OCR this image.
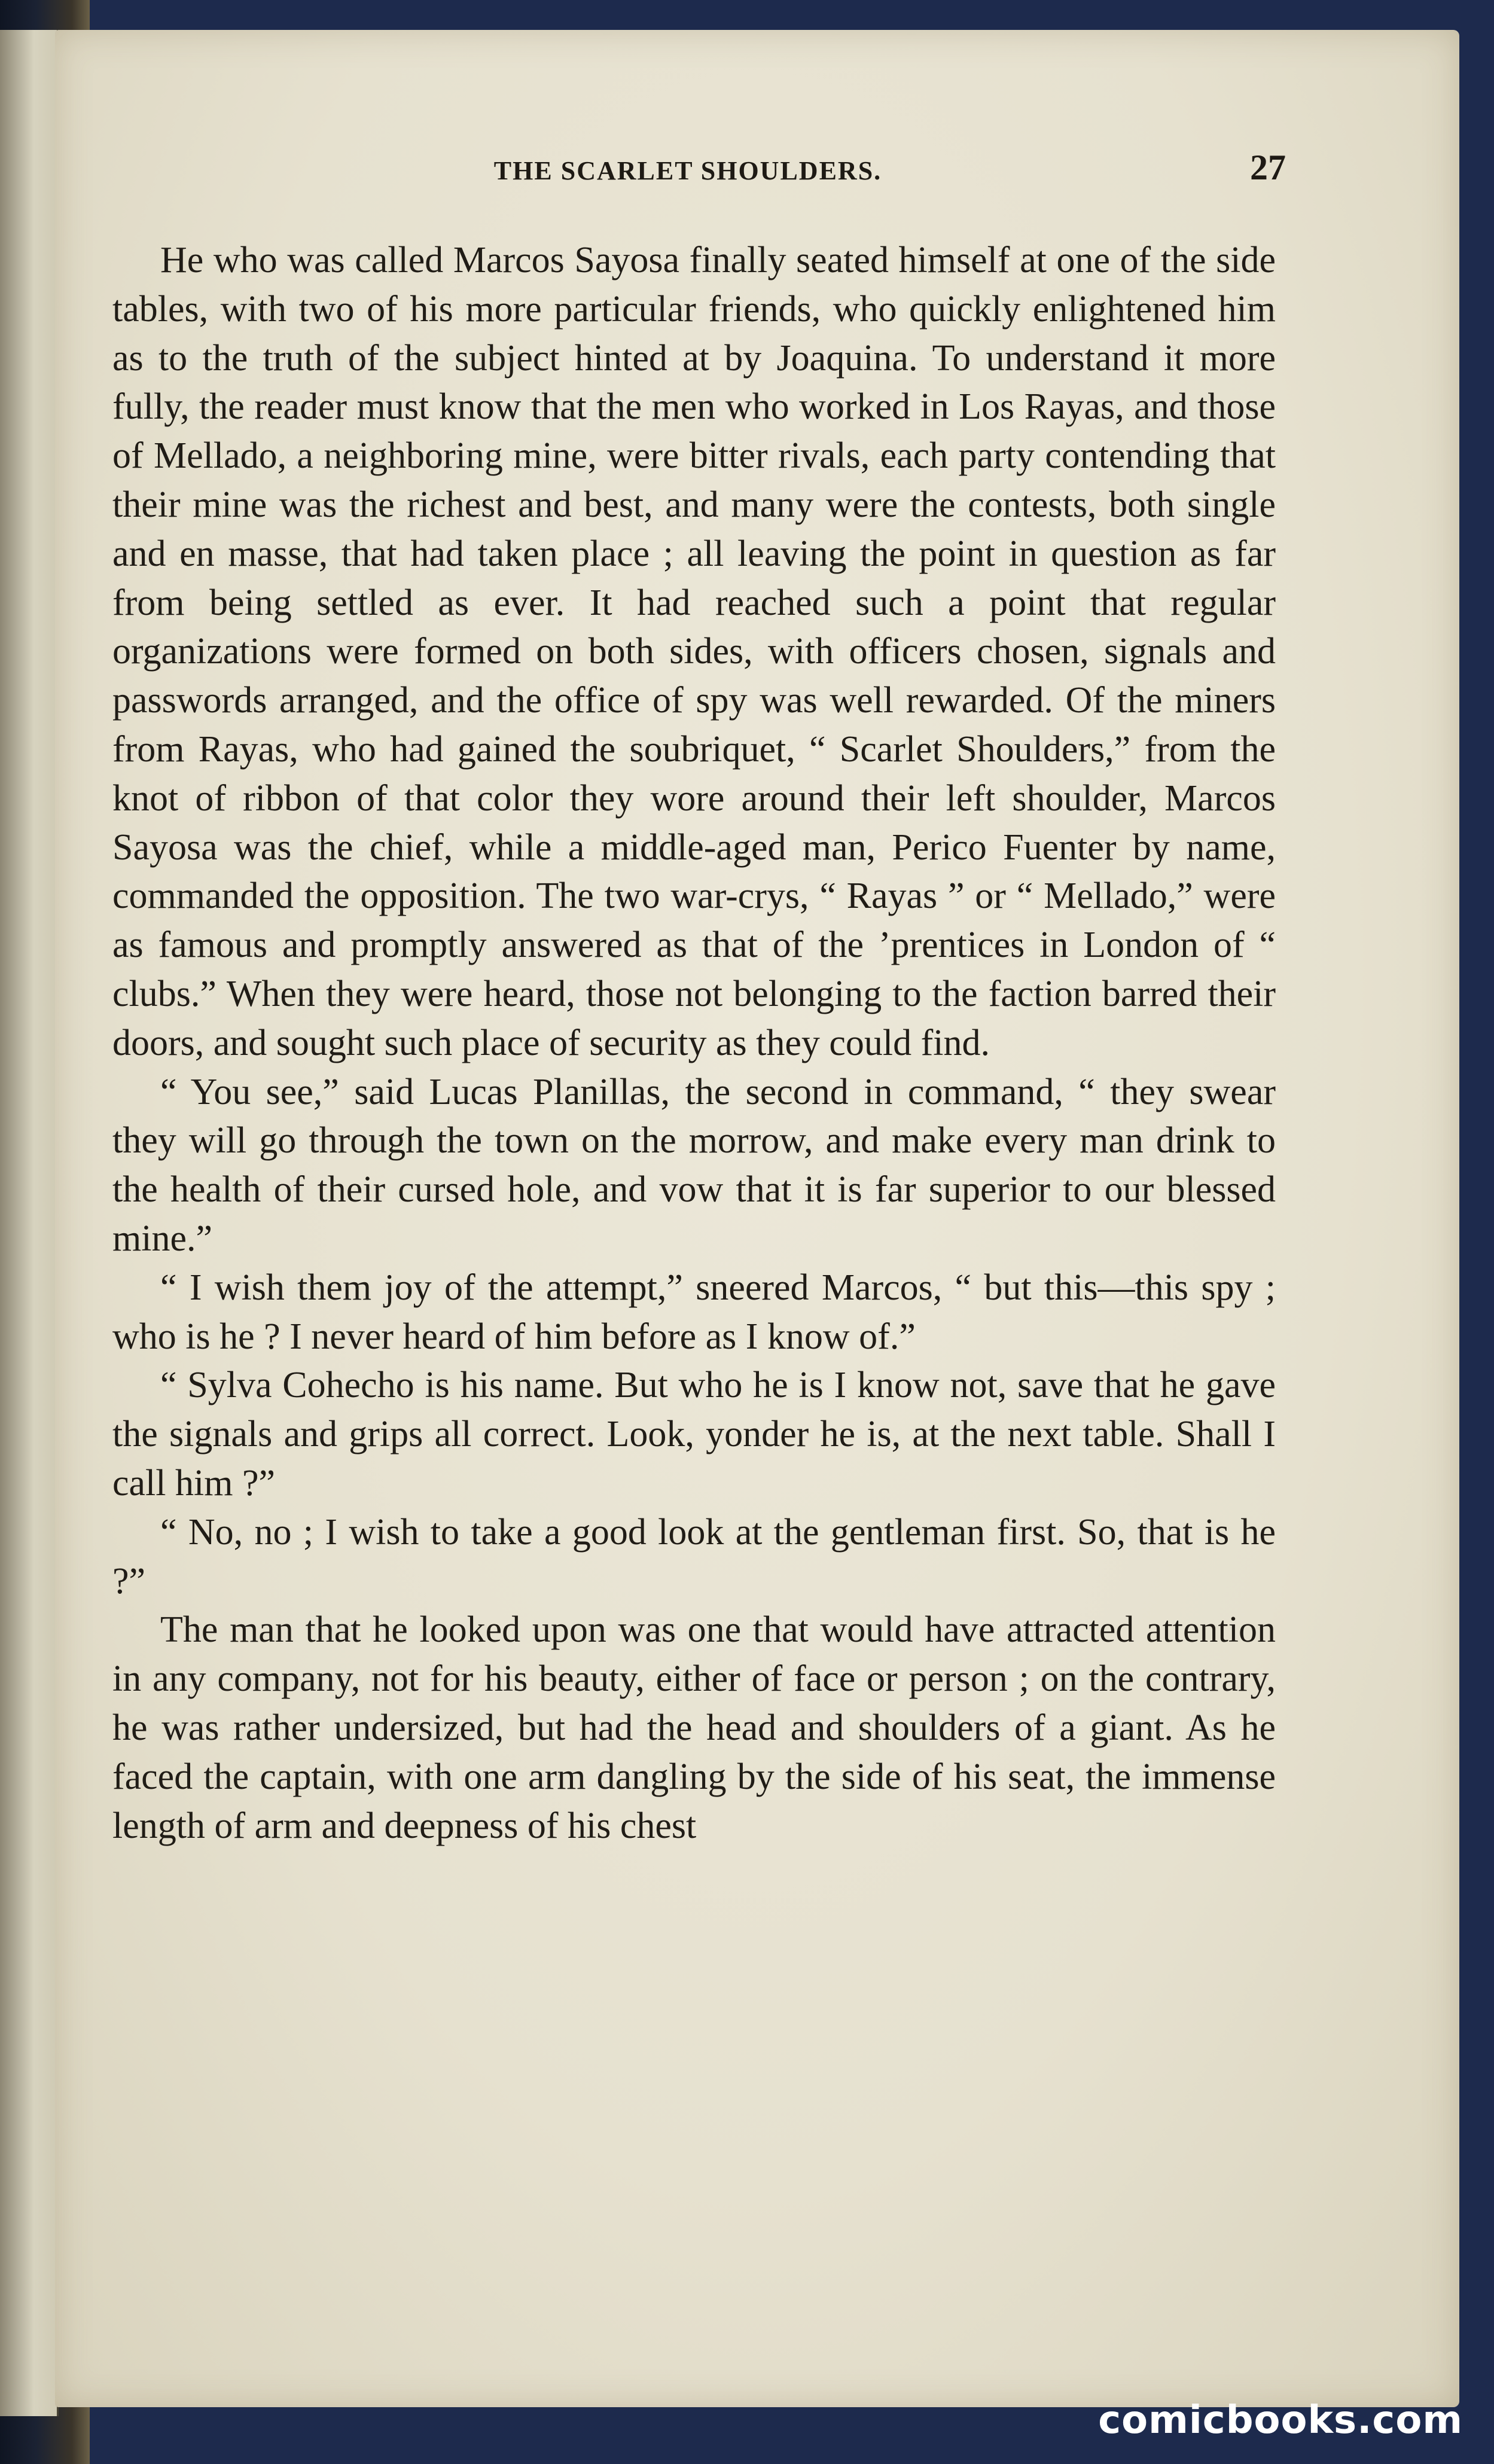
THE SCARLET SHOULDERS.	27

He who was called Marcos Sayosa finally seated himself at one of the side tables, with two of his more particular friends, who quickly enlightened him as to the truth of the subject hinted at by Joaquina. To understand it more fully, the reader must know that the men who worked in Los Rayas, and those of Mellado, a neighboring mine, were bitter rivals, each party contending that their mine was the richest and best, and many were the contests, both single and en masse, that had taken place ; all leaving the point in question as far from being settled as ever. It had reached such a point that regular organizations were formed on both sides, with officers chosen, signals and passwords arranged, and the office of spy was well rewarded. Of the miners from Rayas, who had gained the soubriquet, “ Scarlet Shoulders,” from the knot of ribbon of that color they wore around their left shoulder, Marcos Sayosa was the chief, while a middle-aged man, Perico Fuenter by name, commanded the opposition. The two war-crys, “ Rayas ” or “ Mellado,” were as famous and promptly answered as that of the ’prentices in London of “ clubs.” When they were heard, those not belonging to the faction barred their doors, and sought such place of security as they could find.

“ You see,” said Lucas Planillas, the second in command, “ they swear they will go through the town on the morrow, and make every man drink to the health of their cursed hole, and vow that it is far superior to our blessed mine.”

“ I wish them joy of the attempt,” sneered Marcos, “ but this—this spy ; who is he ? I never heard of him before as I know of.”

“ Sylva Cohecho is his name. But who he is I know not, save that he gave the signals and grips all correct. Look, yonder he is, at the next table. Shall I call him ?”

“ No, no ; I wish to take a good look at the gentleman first. So, that is he ?”

The man that he looked upon was one that would have attracted attention in any company, not for his beauty, either of face or person ; on the contrary, he was rather undersized, but had the head and shoulders of a giant. As he faced the captain, with one arm dangling by the side of his seat, the immense length of arm and deepness of his chest

comicbooks.com
